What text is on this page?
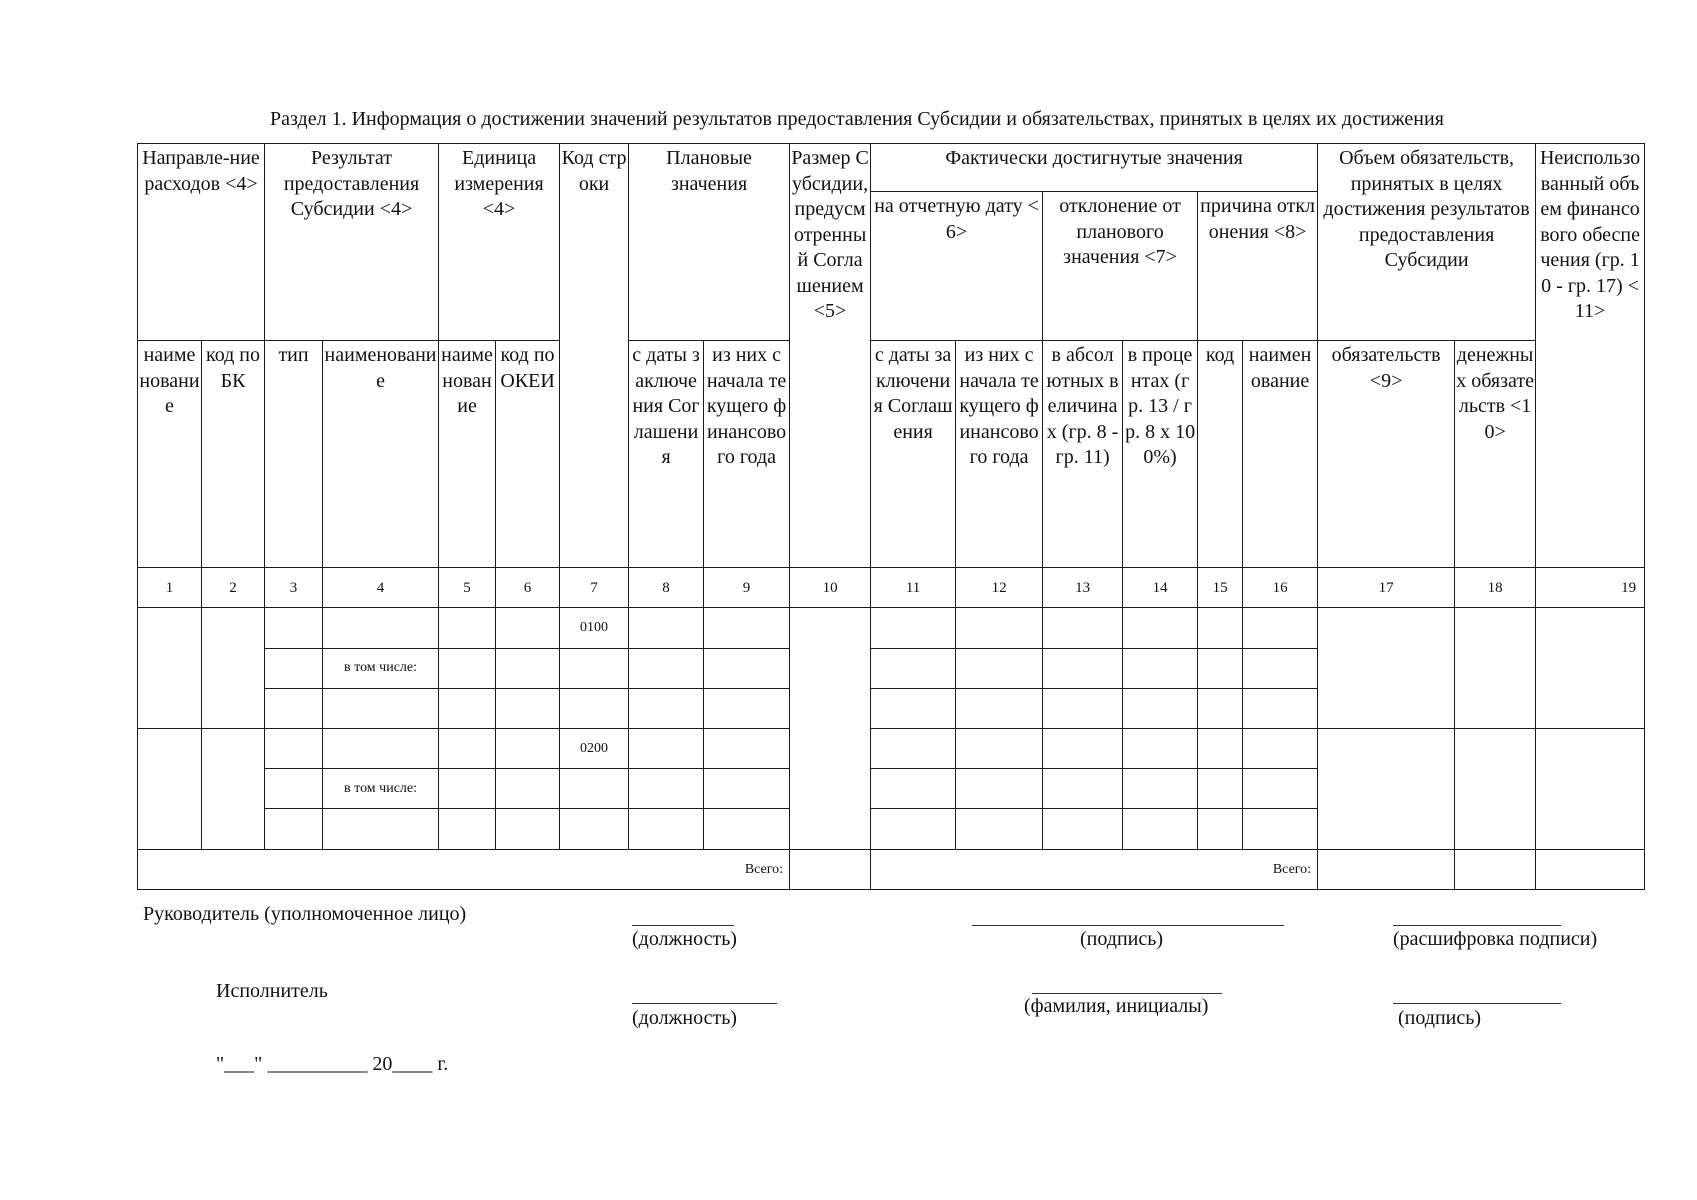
Раздел 1. Информация о достижении значений результатов предоставления Субсидии и обязательствах, принятых в целях их достижения
Направле-ние расходов <4>		Результат предоставления Субсидии <4>		Единица измерения <4>		Код строки	Плановые значения		Размер Субсидии, предусмотренный Соглашением <5>	Фактически достигнутые значения						Объем обязательств, принятых в целях достижения результатов предоставления Субсидии		Неиспользованный объем финансового обеспечения (гр. 10 - гр. 17) <11>
										на отчетную дату <6>		отклонение от планового значения <7>		причина отклонения <8>				
наименование	код по БК	тип	наименование	наименование	код по ОКЕИ		с даты заключения Соглашения	из них с начала текущего финансового года		с даты заключения Соглашения	из них с начала текущего финансового года	в абсолютных величинах (гр. 8 - гр. 11)	в процентах (гр. 13 / гр. 8 x 100%)	код	наименование	обязательств <9>	денежных обязательств <10>	
1	2	3	4	5	6	7	8	9	10	11	12	13	14	15	16	17	18	19
						0100												
			в том числе:															

						0200												
			в том числе:															

Всего:										Всего:								
Руководитель (уполномоченное лицо)
(должность)	(подпись)	(расшифровка подписи)
Исполнитель
(должность)
(фамилия, инициалы)
(подпись)
"___" __________ 20____ г.
